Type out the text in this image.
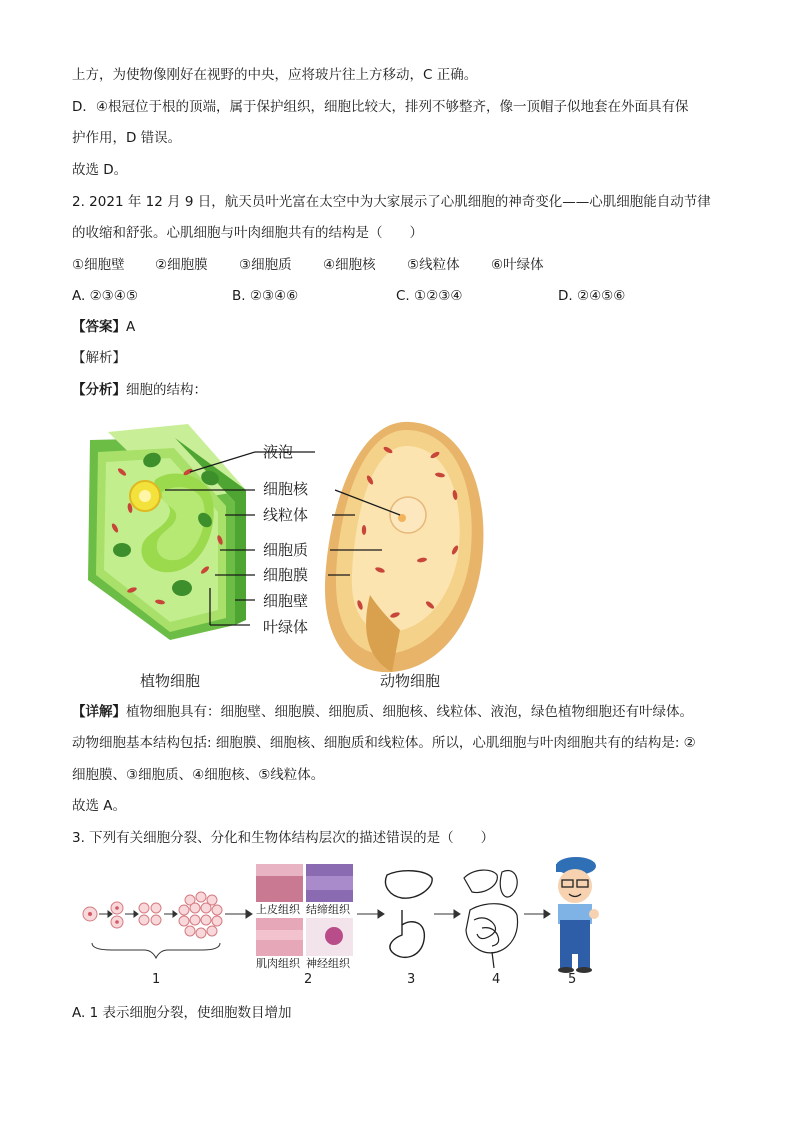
上方，为使物像刚好在视野的中央，应将玻片往上方移动，C 正确。
D．④根冠位于根的顶端，属于保护组织，细胞比较大，排列不够整齐，像一顶帽子似地套在外面具有保
护作用，D 错误。
故选 D。
2. 2021 年 12 月 9 日，航天员叶光富在太空中为大家展示了心肌细胞的神奇变化——心肌细胞能自动节律
的收缩和舒张。心肌细胞与叶肉细胞共有的结构是（　　）
①细胞壁 ②细胞膜 ③细胞质 ④细胞核 ⑤线粒体 ⑥叶绿体
A. ②③④⑤	B. ②③④⑥	C. ①②③④	D. ②④⑤⑥
【答案】A
【解析】
【分析】细胞的结构：
液泡
细胞核
线粒体
细胞质
细胞膜
细胞壁
叶绿体
植物细胞	动物细胞
【详解】植物细胞具有：细胞壁、细胞膜、细胞质、细胞核、线粒体、液泡，绿色植物细胞还有叶绿体。
动物细胞基本结构包括: 细胞膜、细胞核、细胞质和线粒体。所以，心肌细胞与叶肉细胞共有的结构是: ②
细胞膜、③细胞质、④细胞核、⑤线粒体。
故选 A。
3. 下列有关细胞分裂、分化和生物体结构层次的描述错误的是（　　）
上皮组织 结缔组织
肌肉组织 神经组织
1	2	3	4	5
A. 1 表示细胞分裂，使细胞数目增加
